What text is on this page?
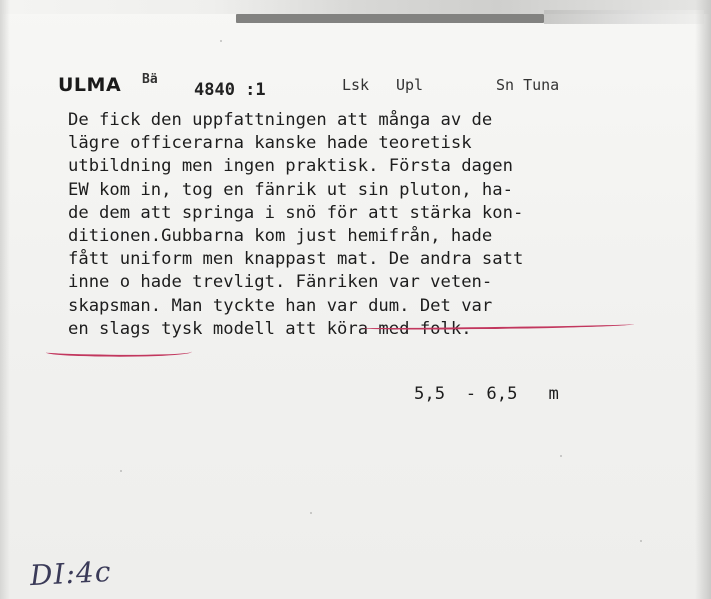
ULMA Bä
4840 :1	Lsk Upl	Sn Tuna
De fick den uppfattningen att många av de
lägre officerarna kanske hade teoretisk
utbildning men ingen praktisk. Första dagen
EW kom in, tog en fänrik ut sin pluton, ha-
de dem att springa i snö för att stärka kon-
ditionen.Gubbarna kom just hemifrån, hade
fått uniform men knappast mat. De andra satt
inne o hade trevligt. Fänriken var veten-
skapsman. Man tyckte han var dum. Det var
en slags tysk modell att köra med folk.
5,5  - 6,5   m
DI:4c
